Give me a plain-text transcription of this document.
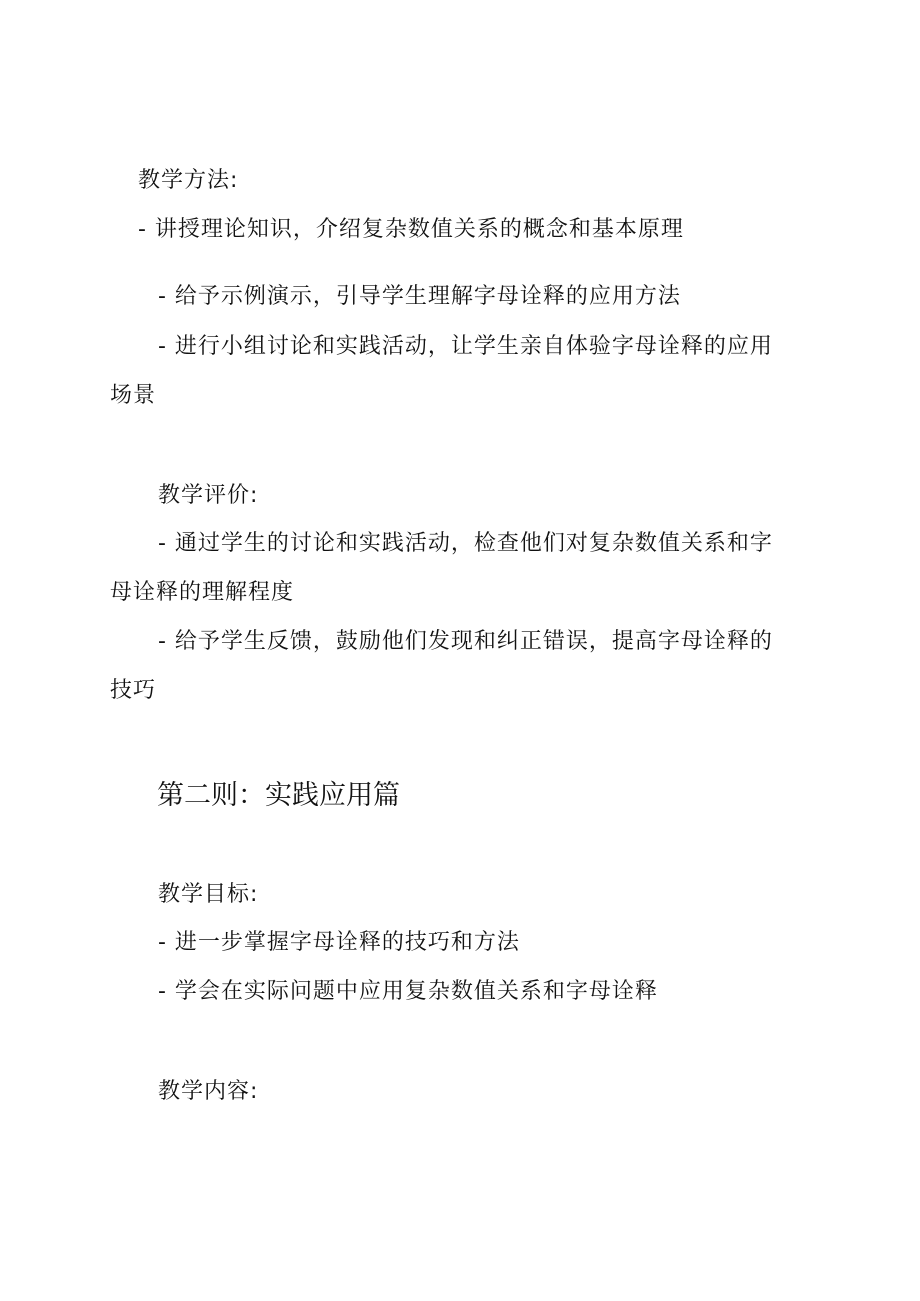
教学方法:
- 讲授理论知识，介绍复杂数值关系的概念和基本原理
- 给予示例演示，引导学生理解字母诠释的应用方法
- 进行小组讨论和实践活动，让学生亲自体验字母诠释的应用
场景
教学评价:
- 通过学生的讨论和实践活动，检查他们对复杂数值关系和字
母诠释的理解程度
- 给予学生反馈，鼓励他们发现和纠正错误，提高字母诠释的
技巧
第二则：实践应用篇
教学目标:
- 进一步掌握字母诠释的技巧和方法
- 学会在实际问题中应用复杂数值关系和字母诠释
教学内容:
